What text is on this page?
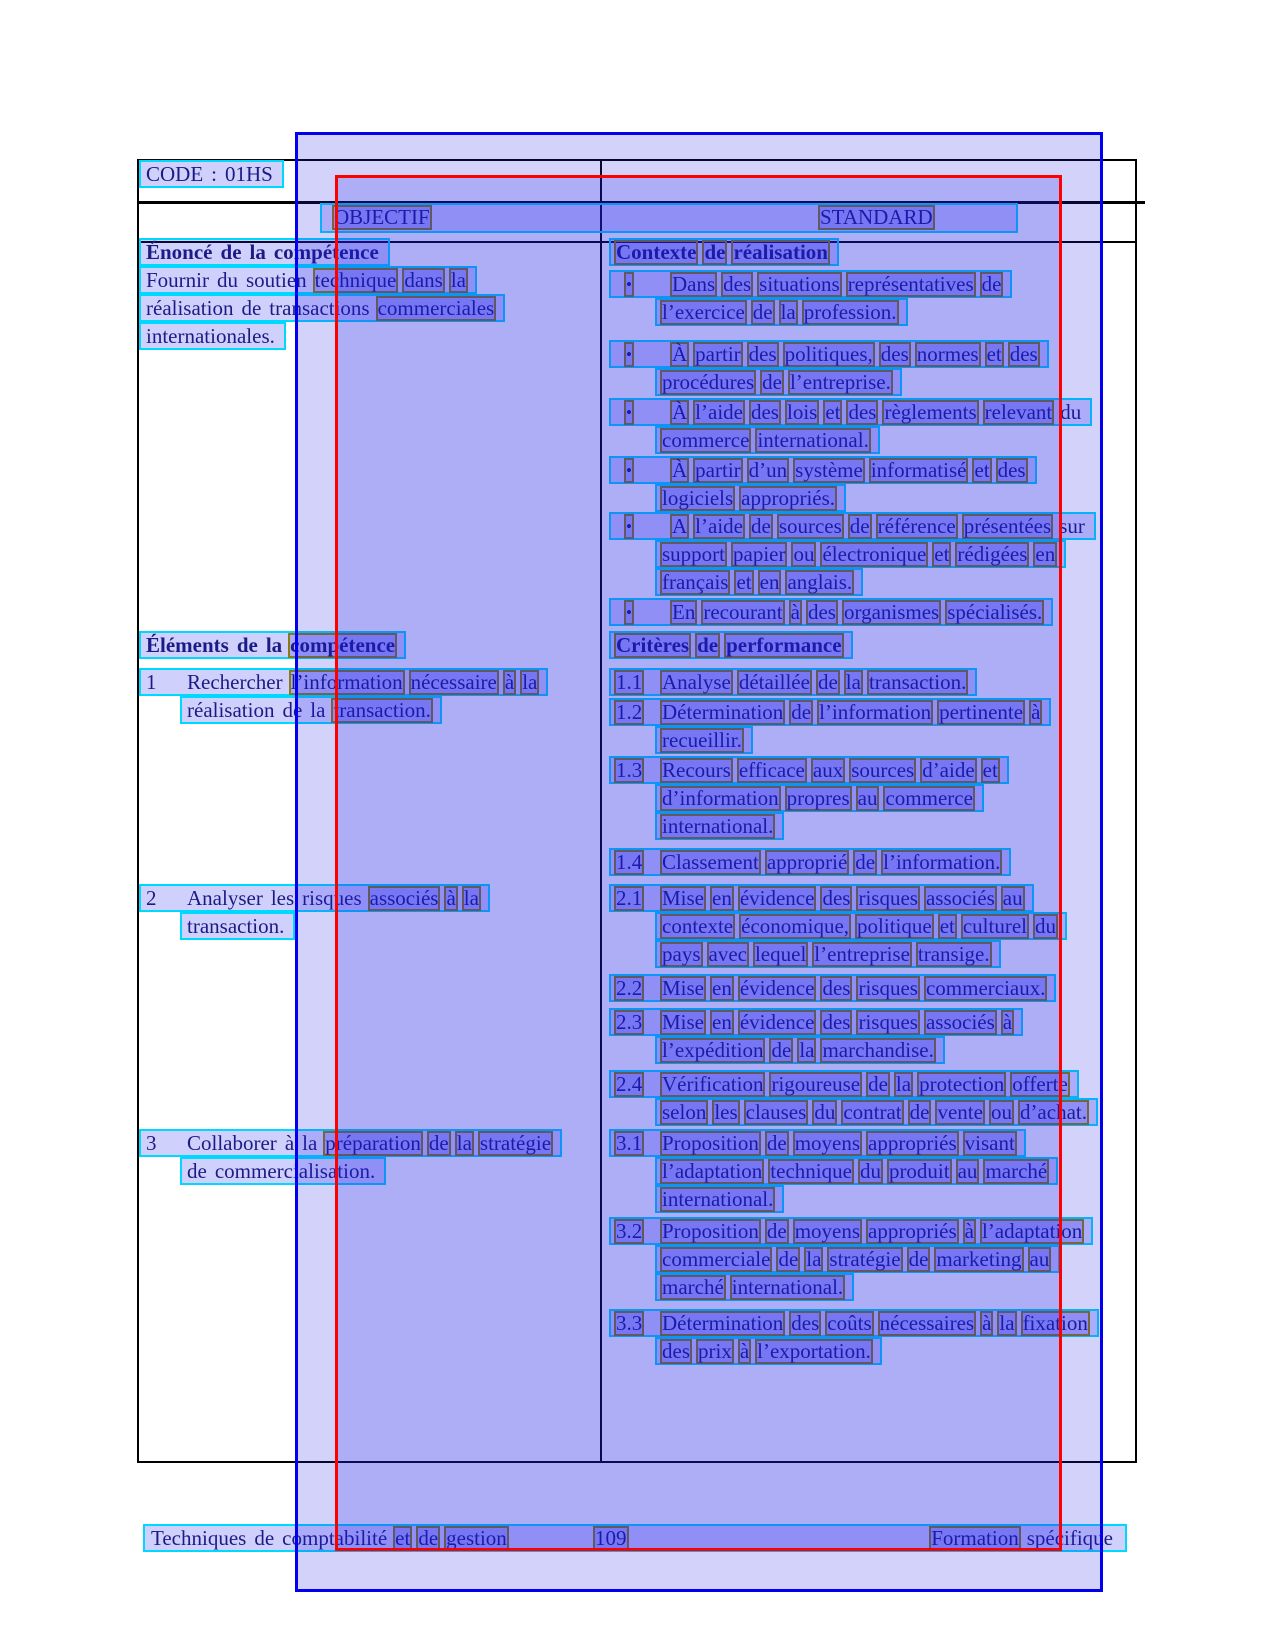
CODE : 01HS
OBJECTIF	STANDARD
Énoncé de la compétence	Contexte de réalisation
Fournir du soutien technique dans la
réalisation de transactions commerciales
internationales.
• Dans des situations représentatives de
l’exercice de la profession.
• À partir des politiques, des normes et des
procédures de l’entreprise.
• À l’aide des lois et des règlements relevant du
commerce international.
• À partir d’un système informatisé et des
logiciels appropriés.
• A l’aide de sources de référence présentées sur
support papier ou électronique et rédigées en
français et en anglais.
• En recourant à des organismes spécialisés.
Éléments de la compétence	Critères de performance
1 Rechercher l’information nécessaire à la
réalisation de la transaction.
1.1 Analyse détaillée de la transaction.
1.2 Détermination de l’information pertinente à
recueillir.
1.3 Recours efficace aux sources d’aide et
d’information propres au commerce
international.
1.4 Classement approprié de l’information.
2 Analyser les risques associés à la
transaction.
2.1 Mise en évidence des risques associés au
contexte économique, politique et culturel du
pays avec lequel l’entreprise transige.
2.2 Mise en évidence des risques commerciaux.
2.3 Mise en évidence des risques associés à
l’expédition de la marchandise.
2.4 Vérification rigoureuse de la protection offerte
selon les clauses du contrat de vente ou d’achat.
3 Collaborer à la préparation de la stratégie
de commercialisation.
3.1 Proposition de moyens appropriés visant
l’adaptation technique du produit au marché
international.
3.2 Proposition de moyens appropriés à l’adaptation
commerciale de la stratégie de marketing au
marché international.
3.3 Détermination des coûts nécessaires à la fixation
des prix à l’exportation.
Techniques de comptabilité et de gestion	109	Formation spécifique
